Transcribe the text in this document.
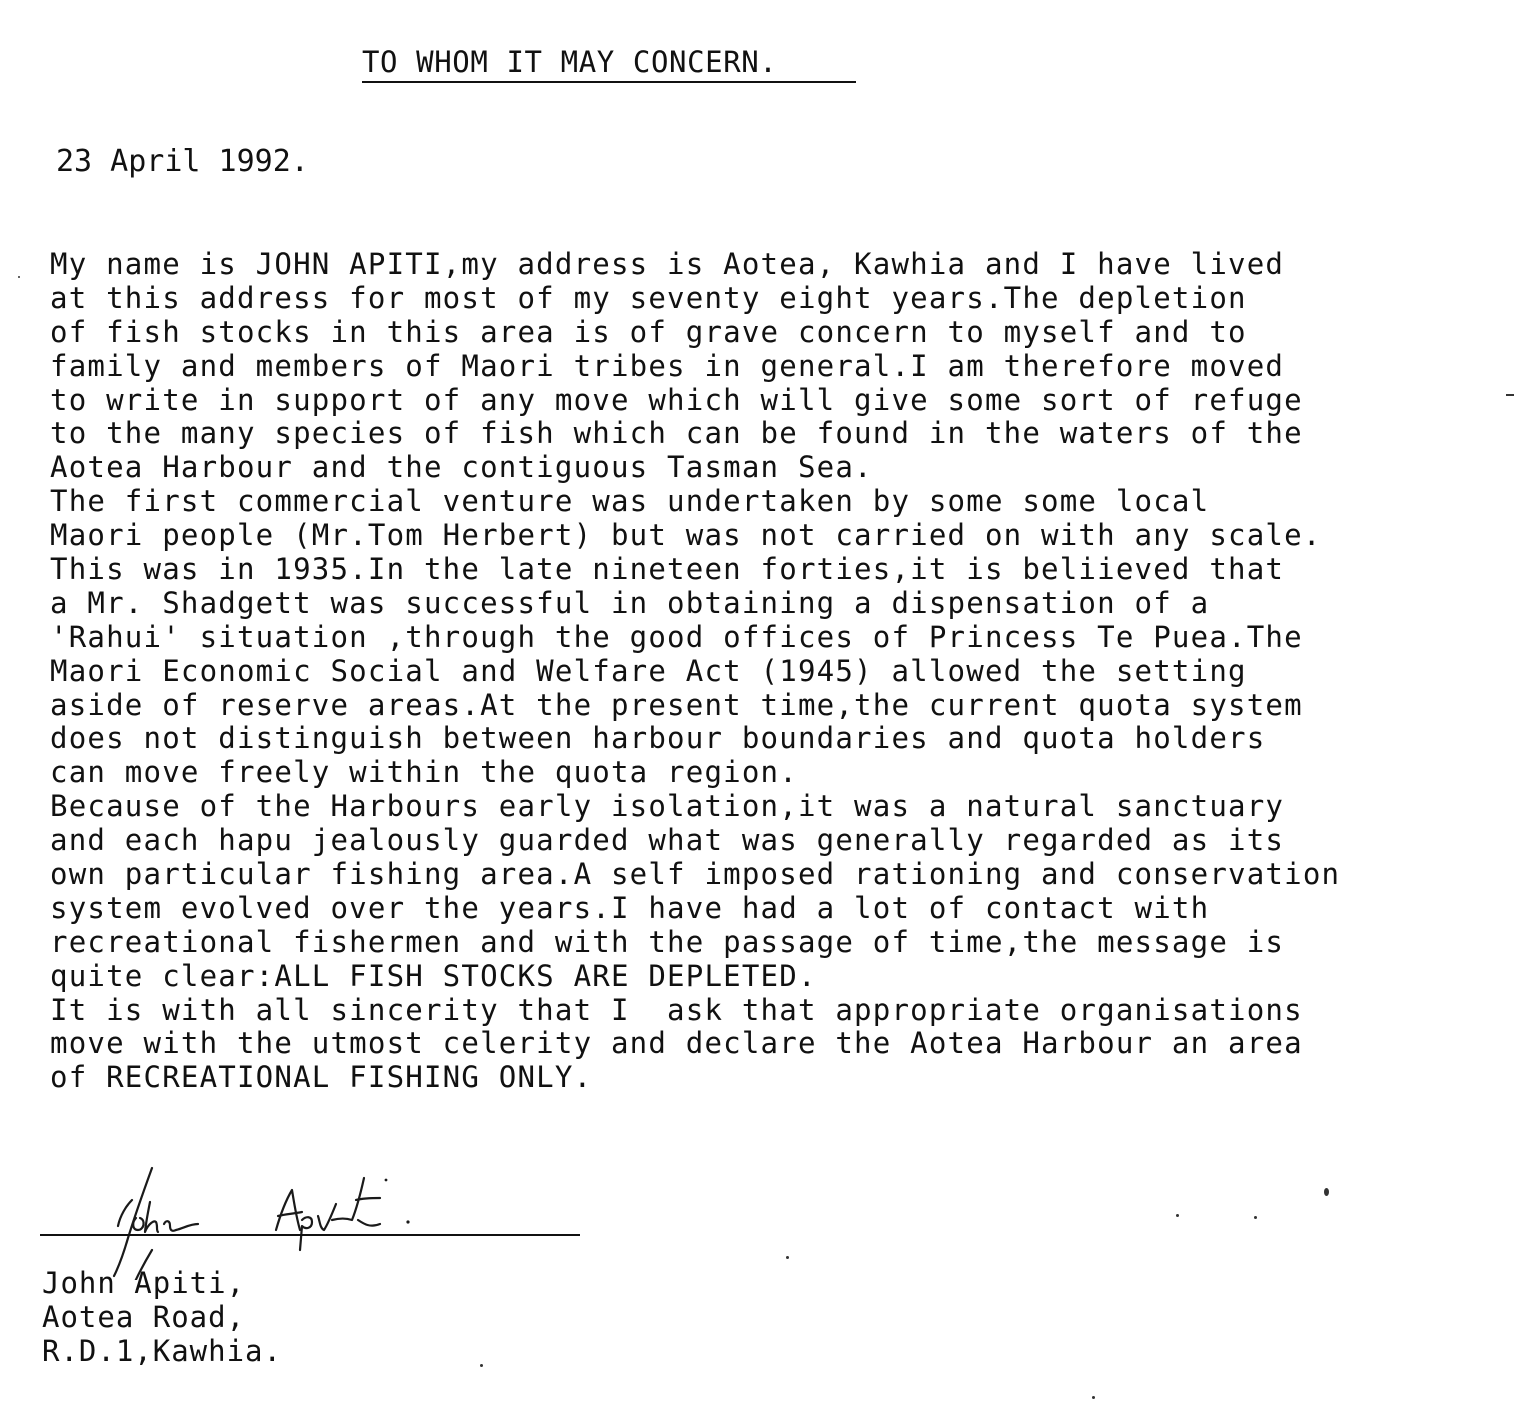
TO WHOM IT MAY CONCERN.
23 April 1992.
My name is JOHN APITI,my address is Aotea, Kawhia and I have lived
at this address for most of my seventy eight years.The depletion
of fish stocks in this area is of grave concern to myself and to
family and members of Maori tribes in general.I am therefore moved
to write in support of any move which will give some sort of refuge
to the many species of fish which can be found in the waters of the
Aotea Harbour and the contiguous Tasman Sea.
The first commercial venture was undertaken by some some local
Maori people (Mr.Tom Herbert) but was not carried on with any scale.
This was in 1935.In the late nineteen forties,it is beliieved that
a Mr. Shadgett was successful in obtaining a dispensation of a
'Rahui' situation ,through the good offices of Princess Te Puea.The
Maori Economic Social and Welfare Act (1945) allowed the setting
aside of reserve areas.At the present time,the current quota system
does not distinguish between harbour boundaries and quota holders
can move freely within the quota region.
Because of the Harbours early isolation,it was a natural sanctuary
and each hapu jealously guarded what was generally regarded as its
own particular fishing area.A self imposed rationing and conservation
system evolved over the years.I have had a lot of contact with
recreational fishermen and with the passage of time,the message is
quite clear:ALL FISH STOCKS ARE DEPLETED.
It is with all sincerity that I  ask that appropriate organisations
move with the utmost celerity and declare the Aotea Harbour an area
of RECREATIONAL FISHING ONLY.
John Apiti,
Aotea Road,
R.D.1,Kawhia.
